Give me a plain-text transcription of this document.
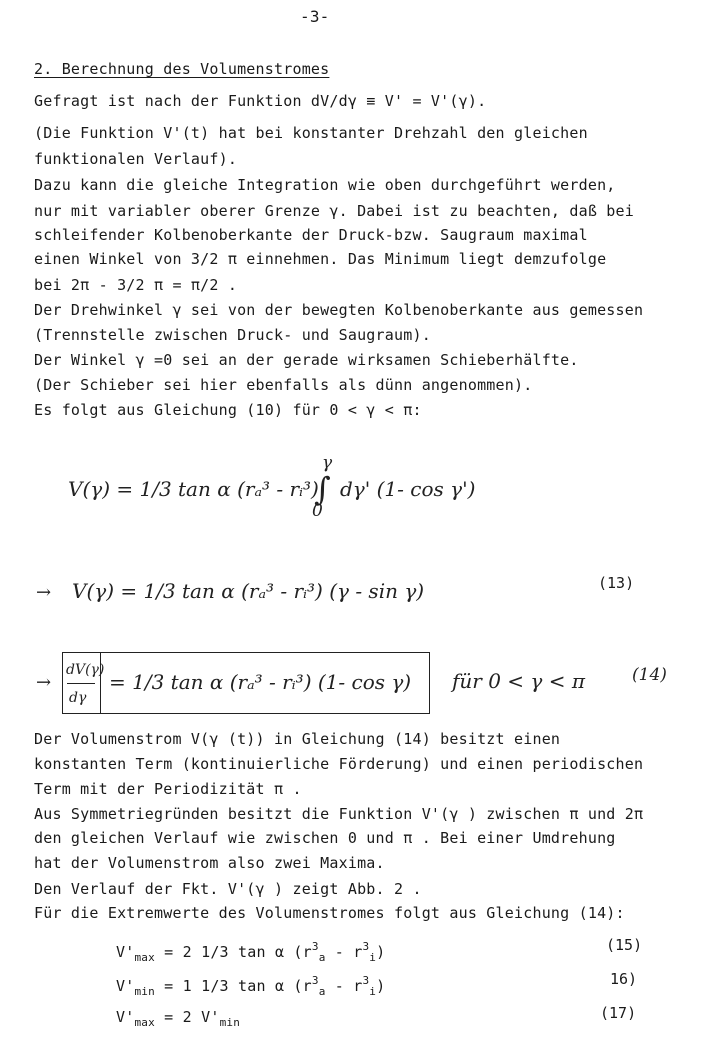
-3-
2. Berechnung des Volumenstromes
Gefragt ist nach der Funktion dV/dγ ≡ V' = V'(γ).
(Die Funktion V'(t) hat bei konstanter Drehzahl den gleichen
funktionalen Verlauf).
Dazu kann die gleiche Integration wie oben durchgeführt werden,
nur mit variabler oberer Grenze γ. Dabei ist zu beachten, daß bei
schleifender Kolbenoberkante der Druck-bzw. Saugraum maximal
einen Winkel von 3/2 π einnehmen. Das Minimum liegt demzufolge
bei 2π - 3/2 π = π/2 .
Der Drehwinkel γ sei von der bewegten Kolbenoberkante aus gemessen
(Trennstelle zwischen Druck- und Saugraum).
Der Winkel γ =0 sei an der gerade wirksamen Schieberhälfte.
(Der Schieber sei hier ebenfalls als dünn angenommen).
Es folgt aus Gleichung (10) für 0 < γ < π:
V(γ) = 1/3 tan α (rₐ³ - rᵢ³)
∫
γ
0
dγ' (1- cos γ')
→ V(γ) = 1/3 tan α (rₐ³ - rᵢ³) (γ - sin γ)	(13)
→
dV(γ)
dγ
= 1/3 tan α (rₐ³ - rᵢ³) (1- cos γ) für 0 < γ < π	(14)
Der Volumenstrom V(γ (t)) in Gleichung (14) besitzt einen
konstanten Term (kontinuierliche Förderung) und einen periodischen
Term mit der Periodizität π .
Aus Symmetriegründen besitzt die Funktion V'(γ ) zwischen π und 2π
den gleichen Verlauf wie zwischen 0 und π . Bei einer Umdrehung
hat der Volumenstrom also zwei Maxima.
Den Verlauf der Fkt. V'(γ ) zeigt Abb. 2 .
Für die Extremwerte des Volumenstromes folgt aus Gleichung (14):
$V'_{max} = 2$ 1/3 tan α $(r^3_a - r^3_i)$	(15)
$V'_{min} = 1$ 1/3 tan α $(r^3_a - r^3_i)$	16)
$V'_{max} = 2$ $V'_{min}$
(17)
